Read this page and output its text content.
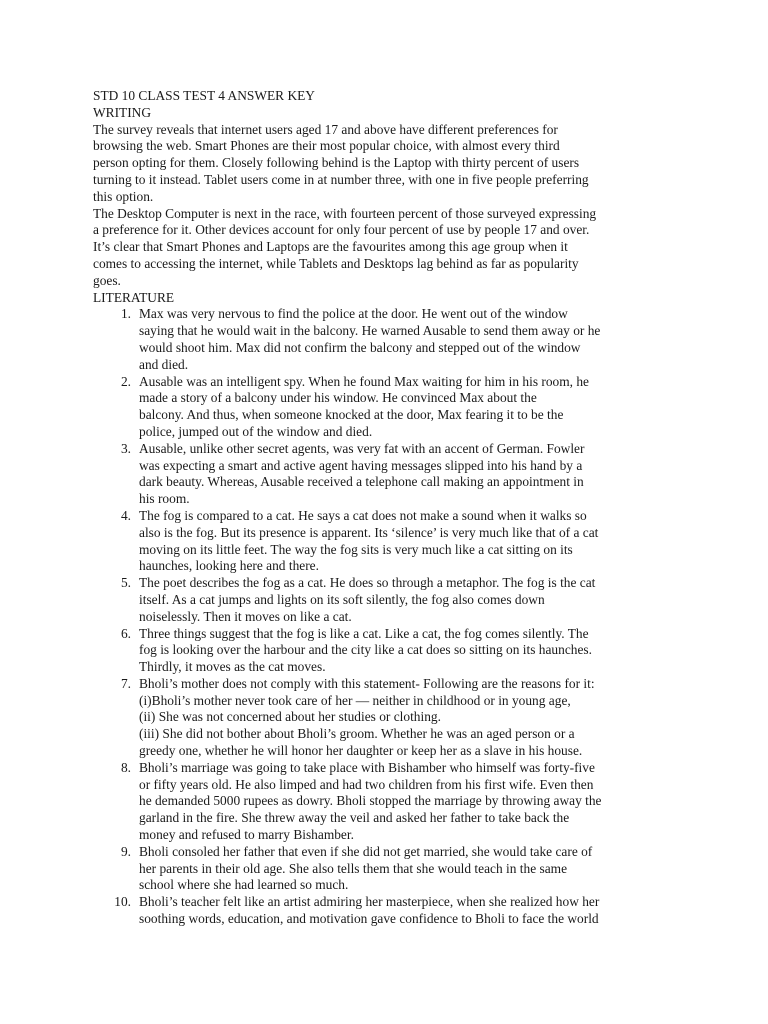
STD 10 CLASS TEST 4 ANSWER KEY
WRITING
The survey reveals that internet users aged 17 and above have different preferences for
browsing the web. Smart Phones are their most popular choice, with almost every third
person opting for them. Closely following behind is the Laptop with thirty percent of users
turning to it instead. Tablet users come in at number three, with one in five people preferring
this option.
The Desktop Computer is next in the race, with fourteen percent of those surveyed expressing
a preference for it. Other devices account for only four percent of use by people 17 and over.
It’s clear that Smart Phones and Laptops are the favourites among this age group when it
comes to accessing the internet, while Tablets and Desktops lag behind as far as popularity
goes.
LITERATURE
1. Max was very nervous to find the police at the door. He went out of the window
saying that he would wait in the balcony. He warned Ausable to send them away or he
would shoot him. Max did not confirm the balcony and stepped out of the window
and died.
2. Ausable was an intelligent spy. When he found Max waiting for him in his room, he
made a story of a balcony under his window. He convinced Max about the
balcony. And thus, when someone knocked at the door, Max fearing it to be the
police, jumped out of the window and died.
3. Ausable, unlike other secret agents, was very fat with an accent of German. Fowler
was expecting a smart and active agent having messages slipped into his hand by a
dark beauty. Whereas, Ausable received a telephone call making an appointment in
his room.
4. The fog is compared to a cat. He says a cat does not make a sound when it walks so
also is the fog. But its presence is apparent. Its ‘silence’ is very much like that of a cat
moving on its little feet. The way the fog sits is very much like a cat sitting on its
haunches, looking here and there.
5. The poet describes the fog as a cat. He does so through a metaphor. The fog is the cat
itself. As a cat jumps and lights on its soft silently, the fog also comes down
noiselessly. Then it moves on like a cat.
6. Three things suggest that the fog is like a cat. Like a cat, the fog comes silently. The
fog is looking over the harbour and the city like a cat does so sitting on its haunches.
Thirdly, it moves as the cat moves.
7. Bholi’s mother does not comply with this statement- Following are the reasons for it:
(i)Bholi’s mother never took care of her — neither in childhood or in young age,
(ii) She was not concerned about her studies or clothing.
(iii) She did not bother about Bholi’s groom. Whether he was an aged person or a
greedy one, whether he will honor her daughter or keep her as a slave in his house.
8. Bholi’s marriage was going to take place with Bishamber who himself was forty-five
or fifty years old. He also limped and had two children from his first wife. Even then
he demanded 5000 rupees as dowry. Bholi stopped the marriage by throwing away the
garland in the fire. She threw away the veil and asked her father to take back the
money and refused to marry Bishamber.
9. Bholi consoled her father that even if she did not get married, she would take care of
her parents in their old age. She also tells them that she would teach in the same
school where she had learned so much.
10. Bholi’s teacher felt like an artist admiring her masterpiece, when she realized how her
soothing words, education, and motivation gave confidence to Bholi to face the world
